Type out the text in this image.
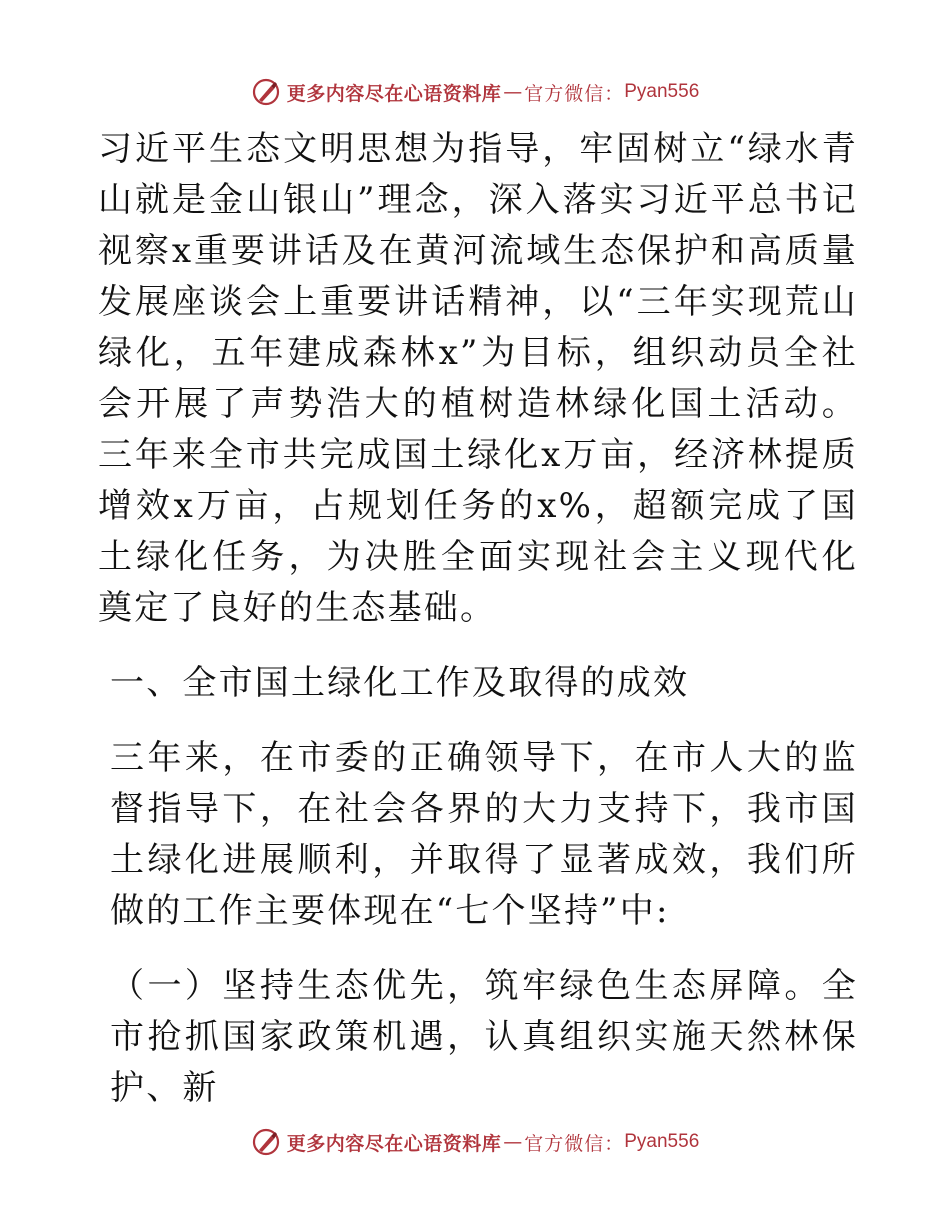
更多内容尽在心语资料库 — 官方微信： Pyan556

习近平生态文明思想为指导，牢固树立“绿水青山就是金山银山”理念，深入落实习近平总书记视察x重要讲话及在黄河流域生态保护和高质量发展座谈会上重要讲话精神，以“三年实现荒山绿化，五年建成森林x”为目标，组织动员全社会开展了声势浩大的植树造林绿化国土活动。三年来全市共完成国土绿化x万亩，经济林提质增效x万亩，占规划任务的x%，超额完成了国土绿化任务，为决胜全面实现社会主义现代化奠定了良好的生态基础。

一、全市国土绿化工作及取得的成效

三年来，在市委的正确领导下，在市人大的监督指导下，在社会各界的大力支持下，我市国土绿化进展顺利，并取得了显著成效，我们所做的工作主要体现在“七个坚持”中:

（一）坚持生态优先，筑牢绿色生态屏障。全市抢抓国家政策机遇，认真组织实施天然林保护、新

更多内容尽在心语资料库 — 官方微信： Pyan556
